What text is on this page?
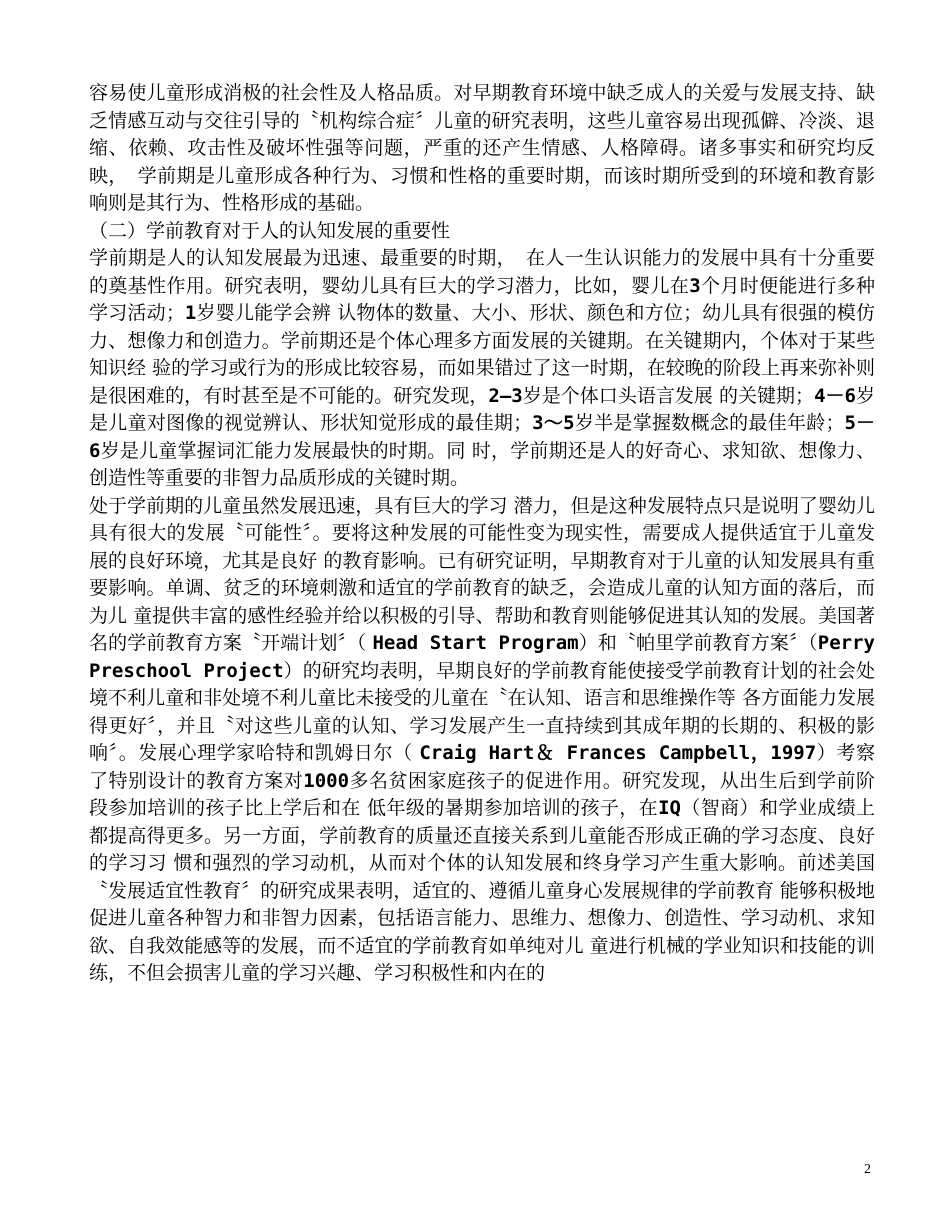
容易使儿童形成消极的社会性及人格品质。对早期教育环境中缺乏成人的关爱与发展支持、缺乏情感互动与交往引导的〝机构综合症〞儿童的研究表明，这些儿童容易出现孤僻、冷淡、退缩、依赖、攻击性及破坏性强等问题，严重的还产生情感、人格障碍。诸多事实和研究均反映，　学前期是儿童形成各种行为、习惯和性格的重要时期，而该时期所受到的环境和教育影响则是其行为、性格形成的基础。

（二）学前教育对于人的认知发展的重要性

学前期是人的认知发展最为迅速、最重要的时期，　在人一生认识能力的发展中具有十分重要的奠基性作用。研究表明，婴幼儿具有巨大的学习潜力，比如，婴儿在3个月时便能进行多种学习活动；1岁婴儿能学会辨 认物体的数量、大小、形状、颜色和方位；幼儿具有很强的模仿力、想像力和创造力。学前期还是个体心理多方面发展的关键期。在关键期内，个体对于某些知识经 验的学习或行为的形成比较容易，而如果错过了这一时期，在较晚的阶段上再来弥补则是很困难的，有时甚至是不可能的。研究发现，2—3岁是个体口头语言发展 的关键期；4－6岁是儿童对图像的视觉辨认、形状知觉形成的最佳期；3～5岁半是掌握数概念的最佳年龄；5－6岁是儿童掌握词汇能力发展最快的时期。同 时，学前期还是人的好奇心、求知欲、想像力、创造性等重要的非智力品质形成的关键时期。

处于学前期的儿童虽然发展迅速，具有巨大的学习 潜力，但是这种发展特点只是说明了婴幼儿具有很大的发展〝可能性〞。要将这种发展的可能性变为现实性，需要成人提供适宜于儿童发展的良好环境，尤其是良好 的教育影响。已有研究证明，早期教育对于儿童的认知发展具有重要影响。单调、贫乏的环境刺激和适宜的学前教育的缺乏，会造成儿童的认知方面的落后，而为儿 童提供丰富的感性经验并给以积极的引导、帮助和教育则能够促进其认知的发展。美国著名的学前教育方案〝开端计划〞（ Head Start Program）和〝帕里学前教育方案〞（Perry Preschool Project）的研究均表明，早期良好的学前教育能使接受学前教育计划的社会处境不利儿童和非处境不利儿童比未接受的儿童在〝在认知、语言和思维操作等 各方面能力发展得更好〞，并且〝对这些儿童的认知、学习发展产生一直持续到其成年期的长期的、积极的影响〞。发展心理学家哈特和凯姆日尔（ Craig Hart＆ Frances Campbell，1997）考察了特别设计的教育方案对1000多名贫困家庭孩子的促进作用。研究发现，从出生后到学前阶段参加培训的孩子比上学后和在 低年级的暑期参加培训的孩子，在IQ（智商）和学业成绩上都提高得更多。另一方面，学前教育的质量还直接关系到儿童能否形成正确的学习态度、良好的学习习 惯和强烈的学习动机，从而对个体的认知发展和终身学习产生重大影响。前述美国〝发展适宜性教育〞的研究成果表明，适宜的、遵循儿童身心发展规律的学前教育 能够积极地促进儿童各种智力和非智力因素，包括语言能力、思维力、想像力、创造性、学习动机、求知欲、自我效能感等的发展，而不适宜的学前教育如单纯对儿 童进行机械的学业知识和技能的训练，不但会损害儿童的学习兴趣、学习积极性和内在的

2
